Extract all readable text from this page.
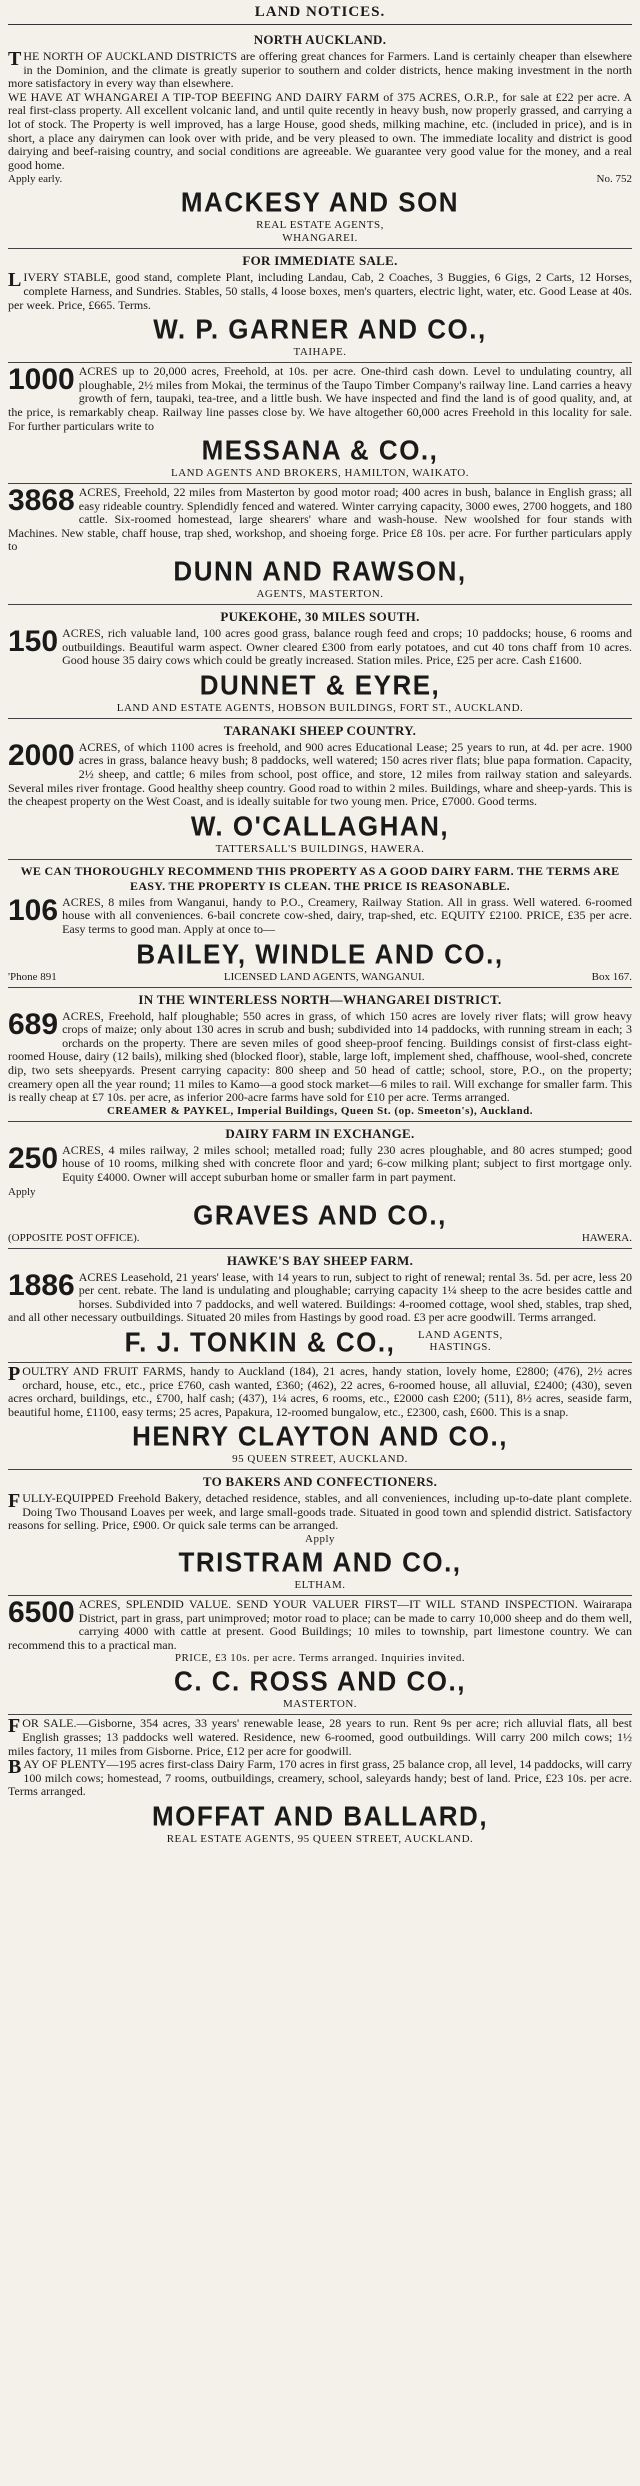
LAND NOTICES.
NORTH AUCKLAND.

THE NORTH OF AUCKLAND DISTRICTS are offering great chances for Farmers. Land is certainly cheaper than elsewhere in the Dominion, and the climate is greatly superior to southern and colder districts, hence making investment in the north more satisfactory in every way than elsewhere.

WE HAVE AT WHANGAREI A TIP-TOP BEEFING AND DAIRY FARM of 375 ACRES, O.R.P., for sale at £22 per acre. A real first-class property. All excellent volcanic land, and until quite recently in heavy bush, now properly grassed, and carrying a lot of stock. The Property is well improved, has a large House, good sheds, milking machine, etc. (included in price), and is in short, a place any dairymen can look over with pride, and be very pleased to own. The immediate locality and district is good dairying and beef-raising country, and social conditions are agreeable. We guarantee very good value for the money, and a real good home.

Apply early.	No. 752
MACKESY AND SON
REAL ESTATE AGENTS,
WHANGAREI.
FOR IMMEDIATE SALE.

LIVERY STABLE, good stand, complete Plant, including Landau, Cab, 2 Coaches, 3 Buggies, 6 Gigs, 2 Carts, 12 Horses, complete Harness, and Sundries. Stables, 50 stalls, 4 loose boxes, men's quarters, electric light, water, etc. Good Lease at 40s. per week. Price, £665. Terms.

W. P. GARNER AND CO.,
TAIHAPE.

1000 ACRES up to 20,000 acres, Freehold, at 10s. per acre. One-third cash down. Level to undulating country, all ploughable, 2½ miles from Mokai, the terminus of the Taupo Timber Company's railway line. Land carries a heavy growth of fern, taupaki, tea-tree, and a little bush. We have inspected and find the land is of good quality, and, at the price, is remarkably cheap. Railway line passes close by. We have altogether 60,000 acres Freehold in this locality for sale. For further particulars write to

MESSANA & CO.,
LAND AGENTS AND BROKERS, HAMILTON, WAIKATO.

3868 ACRES, Freehold, 22 miles from Masterton by good motor road; 400 acres in bush, balance in English grass; all easy rideable country. Splendidly fenced and watered. Winter carrying capacity, 3000 ewes, 2700 hoggets, and 180 cattle. Six-roomed homestead, large shearers' whare and wash-house. New woolshed for four stands with Machines. New stable, chaff house, trap shed, workshop, and shoeing forge. Price £8 10s. per acre. For further particulars apply to

DUNN AND RAWSON,
AGENTS, MASTERTON.
PUKEKOHE, 30 MILES SOUTH.

150 ACRES, rich valuable land, 100 acres good grass, balance rough feed and crops; 10 paddocks; house, 6 rooms and outbuildings. Beautiful warm aspect. Owner cleared £300 from early potatoes, and cut 40 tons chaff from 10 acres. Good house 35 dairy cows which could be greatly increased. Station miles. Price, £25 per acre. Cash £1600.

DUNNET & EYRE,
LAND AND ESTATE AGENTS, HOBSON BUILDINGS, FORT ST., AUCKLAND.
TARANAKI SHEEP COUNTRY.

2000 ACRES, of which 1100 acres is freehold, and 900 acres Educational Lease; 25 years to run, at 4d. per acre. 1900 acres in grass, balance heavy bush; 8 paddocks, well watered; 150 acres river flats; blue papa formation. Capacity, 2½ sheep, and cattle; 6 miles from school, post office, and store, 12 miles from railway station and saleyards. Several miles river frontage. Good healthy sheep country. Good road to within 2 miles. Buildings, whare and sheep-yards. This is the cheapest property on the West Coast, and is ideally suitable for two young men. Price, £7000. Good terms.

W. O'CALLAGHAN,
TATTERSALL'S BUILDINGS, HAWERA.
WE CAN THOROUGHLY RECOMMEND THIS PROPERTY AS A GOOD DAIRY FARM. THE TERMS ARE EASY. THE PROPERTY IS CLEAN. THE PRICE IS REASONABLE.

106 ACRES, 8 miles from Wanganui, handy to P.O., Creamery, Railway Station. All in grass. Well watered. 6-roomed house with all conveniences. 6-bail concrete cow-shed, dairy, trap-shed, etc. EQUITY £2100. PRICE, £35 per acre. Easy terms to good man. Apply at once to—

BAILEY, WINDLE AND CO.,
'Phone 891	LICENSED LAND AGENTS, WANGANUI.	Box 167.
IN THE WINTERLESS NORTH—WHANGAREI DISTRICT.

689 ACRES, Freehold, half ploughable; 550 acres in grass, of which 150 acres are lovely river flats; will grow heavy crops of maize; only about 130 acres in scrub and bush; subdivided into 14 paddocks, with running stream in each; 3 orchards on the property. There are seven miles of good sheep-proof fencing. Buildings consist of first-class eight-roomed House, dairy (12 bails), milking shed (blocked floor), stable, large loft, implement shed, chaffhouse, wool-shed, concrete dip, two sets sheepyards. Present carrying capacity: 800 sheep and 50 head of cattle; school, store, P.O., on the property; creamery open all the year round; 11 miles to Kamo—a good stock market—6 miles to rail. Will exchange for smaller farm. This is really cheap at £7 10s. per acre, as inferior 200-acre farms have sold for £10 per acre. Terms arranged.

CREAMER & PAYKEL, Imperial Buildings, Queen St. (op. Smeeton's), Auckland.
DAIRY FARM IN EXCHANGE.

250 ACRES, 4 miles railway, 2 miles school; metalled road; fully 230 acres ploughable, and 80 acres stumped; good house of 10 rooms, milking shed with concrete floor and yard; 6-cow milking plant; subject to first mortgage only. Equity £4000. Owner will accept suburban home or smaller farm in part payment.

Apply
GRAVES AND CO.,
(OPPOSITE POST OFFICE).	HAWERA.
HAWKE'S BAY SHEEP FARM.

1886 ACRES Leasehold, 21 years' lease, with 14 years to run, subject to right of renewal; rental 3s. 5d. per acre, less 20 per cent. rebate. The land is undulating and ploughable; carrying capacity 1¼ sheep to the acre besides cattle and horses. Subdivided into 7 paddocks, and well watered. Buildings: 4-roomed cottage, wool shed, stables, trap shed, and all other necessary outbuildings. Situated 20 miles from Hastings by good road. £3 per acre goodwill. Terms arranged.

F. J. TONKIN & CO.,	LAND AGENTS, HASTINGS.

POULTRY AND FRUIT FARMS, handy to Auckland (184), 21 acres, handy station, lovely home, £2800; (476), 2½ acres orchard, house, etc., etc., price £760, cash wanted, £360; (462), 22 acres, 6-roomed house, all alluvial, £2400; (430), seven acres orchard, buildings, etc., £700, half cash; (437), 1¼ acres, 6 rooms, etc., £2000 cash £200; (511), 8½ acres, seaside farm, beautiful home, £1100, easy terms; 25 acres, Papakura, 12-roomed bungalow, etc., £2300, cash, £600. This is a snap.

HENRY CLAYTON AND CO.,
95 QUEEN STREET, AUCKLAND.
TO BAKERS AND CONFECTIONERS.

FULLY-EQUIPPED Freehold Bakery, detached residence, stables, and all conveniences, including up-to-date plant complete. Doing Two Thousand Loaves per week, and large small-goods trade. Situated in good town and splendid district. Satisfactory reasons for selling. Price, £900. Or quick sale terms can be arranged.

Apply
TRISTRAM AND CO.,
ELTHAM.

6500 ACRES, SPLENDID VALUE. SEND YOUR VALUER FIRST—IT WILL STAND INSPECTION. Wairarapa District, part in grass, part unimproved; motor road to place; can be made to carry 10,000 sheep and do them well, carrying 4000 with cattle at present. Good Buildings; 10 miles to township, part limestone country. We can recommend this to a practical man.

PRICE, £3 10s. per acre. Terms arranged. Inquiries invited.
C. C. ROSS AND CO.,
MASTERTON.

FOR SALE.—Gisborne, 354 acres, 33 years' renewable lease, 28 years to run. Rent 9s per acre; rich alluvial flats, all best English grasses; 13 paddocks well watered. Residence, new 6-roomed, good outbuildings. Will carry 200 milch cows; 1½ miles factory, 11 miles from Gisborne. Price, £12 per acre for goodwill.

BAY OF PLENTY—195 acres first-class Dairy Farm, 170 acres in first grass, 25 balance crop, all level, 14 paddocks, will carry 100 milch cows; homestead, 7 rooms, outbuildings, creamery, school, saleyards handy; best of land. Price, £23 10s. per acre. Terms arranged.

MOFFAT AND BALLARD,
REAL ESTATE AGENTS, 95 QUEEN STREET, AUCKLAND.
